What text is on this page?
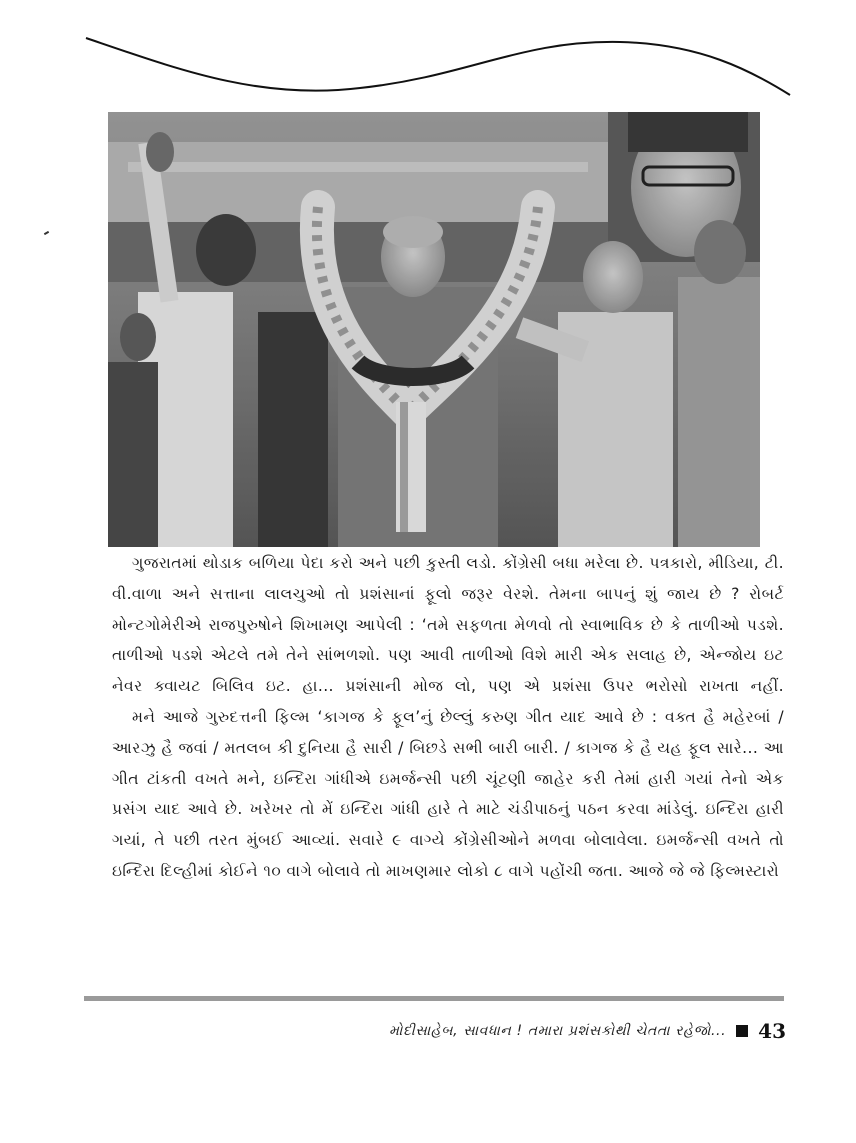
ગુજરાતમાં થોડાક બળિયા પેદા કરો અને પછી કુસ્તી લડો. કોંગ્રેસી બધા મરેલા છે. પત્રકારો, મીડિયા, ટી. વી.વાળા અને સત્તાના લાલચુઓ તો પ્રશંસાનાં ફૂલો જરૂર વેરશે. તેમના બાપનું શું જાય છે ? રોબર્ટ મોન્ટગોમેરીએ રાજપુરુષોને શિખામણ આપેલી : ‘તમે સફળતા મેળવો તો સ્વાભાવિક છે કે તાળીઓ પડશે. તાળીઓ પડશે એટલે તમે તેને સાંભળશો. પણ આવી તાળીઓ વિશે મારી એક સલાહ છે, એન્જોય ઇટ નેવર ક્વાયટ બિલિવ ઇટ. હા... પ્રશંસાની મોજ લો, પણ એ પ્રશંસા ઉપર ભરોસો રાખતા નહીં.

મને આજે ગુરુદત્તની ફિલ્મ ‘કાગજ કે ફૂલ’નું છેલ્લું કરુણ ગીત યાદ આવે છે : વક્ત હૈ મહેરબાં / આરઝુ હૈ જવાં / મતલબ કી દુનિયા હૈ સારી / બિછડે સભી બારી બારી. / કાગજ કે હૈ યહ ફૂલ સારે... આ ગીત ટાંકતી વખતે મને, ઇન્દિરા ગાંધીએ ઇમર્જન્સી પછી ચૂંટણી જાહેર કરી તેમાં હારી ગયાં તેનો એક પ્રસંગ યાદ આવે છે. ખરેખર તો મેં ઇન્દિરા ગાંધી હારે તે માટે ચંડીપાઠનું પઠન કરવા માંડેલું. ઇન્દિરા હારી ગયાં, તે પછી તરત મુંબઈ આવ્યાં. સવારે ૯ વાગ્યે કોંગ્રેસીઓને મળવા બોલાવેલા. ઇમર્જન્સી વખતે તો ઇન્દિરા દિલ્હીમાં કોઈને ૧૦ વાગે બોલાવે તો માખણમાર લોકો ૮ વાગે પહોંચી જતા. આજે જે જે ફિલ્મસ્ટારો

મોદીસાહેબ, સાવધાન ! તમારા પ્રશંસકોથી ચેતતા રહેજો... 43
